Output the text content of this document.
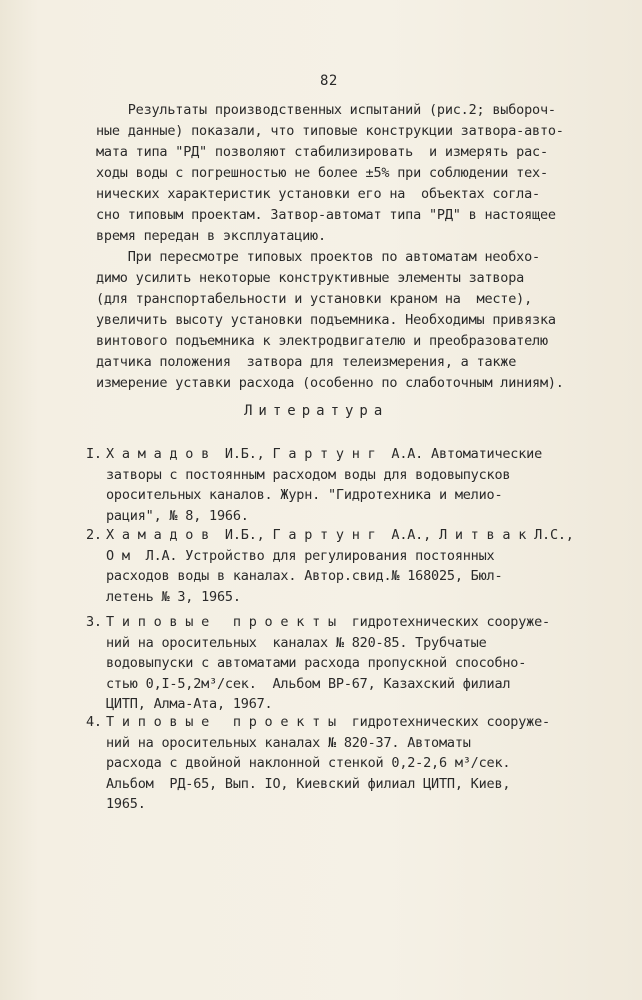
82
Результаты производственных испытаний (рис.2; выбороч-
ные данные) показали, что типовые конструкции затвора-авто-
мата типа "РД" позволяют стабилизировать  и измерять рас-
ходы воды с погрешностью не более ±5% при соблюдении тех-
нических характеристик установки его на  объектах согла-
сно типовым проектам. Затвор-автомат типа "РД" в настоящее
время передан в эксплуатацию.
При пересмотре типовых проектов по автоматам необхо-
димо усилить некоторые конструктивные элементы затвора
(для транспортабельности и установки краном на  месте),
увеличить высоту установки подъемника. Необходимы привязка
винтового подъемника к электродвигателю и преобразователю
датчика положения  затвора для телеизмерения, а также
измерение уставки расхода (особенно по слаботочным линиям).
Литература
I. Х а м а д о в  И.Б., Г а р т у н г  А.А. Автоматические
затворы с постоянным расходом воды для водовыпусков
оросительных каналов. Журн. "Гидротехника и мелио-
рация", № 8, 1966.
2. Х а м а д о в  И.Б., Г а р т у н г  А.А., Л и т в а к Л.С.,
О м  Л.А. Устройство для регулирования постоянных
расходов воды в каналах. Автор.свид.№ 168025, Бюл-
летень № 3, 1965.
3. Т и п о в ы е   п р о е к т ы  гидротехнических сооруже-
ний на оросительных  каналах № 820-85. Трубчатые
водовыпуски с автоматами расхода пропускной способно-
стью 0,I-5,2м³/сек.  Альбом ВР-67, Казахский филиал
ЦИТП, Алма-Ата, 1967.
4. Т и п о в ы е   п р о е к т ы  гидротехнических сооруже-
ний на оросительных каналах № 820-37. Автоматы
расхода с двойной наклонной стенкой 0,2-2,6 м³/сек.
Альбом  РД-65, Вып. IO, Киевский филиал ЦИТП, Киев,
1965.
